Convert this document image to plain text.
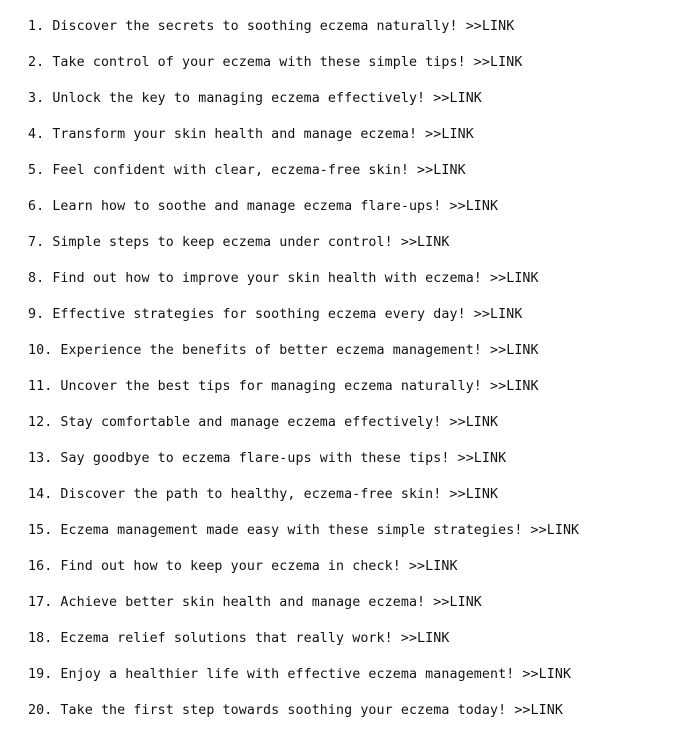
1. Discover the secrets to soothing eczema naturally! >>LINK
2. Take control of your eczema with these simple tips! >>LINK
3. Unlock the key to managing eczema effectively! >>LINK
4. Transform your skin health and manage eczema! >>LINK
5. Feel confident with clear, eczema-free skin! >>LINK
6. Learn how to soothe and manage eczema flare-ups! >>LINK
7. Simple steps to keep eczema under control! >>LINK
8. Find out how to improve your skin health with eczema! >>LINK
9. Effective strategies for soothing eczema every day! >>LINK
10. Experience the benefits of better eczema management! >>LINK
11. Uncover the best tips for managing eczema naturally! >>LINK
12. Stay comfortable and manage eczema effectively! >>LINK
13. Say goodbye to eczema flare-ups with these tips! >>LINK
14. Discover the path to healthy, eczema-free skin! >>LINK
15. Eczema management made easy with these simple strategies! >>LINK
16. Find out how to keep your eczema in check! >>LINK
17. Achieve better skin health and manage eczema! >>LINK
18. Eczema relief solutions that really work! >>LINK
19. Enjoy a healthier life with effective eczema management! >>LINK
20. Take the first step towards soothing your eczema today! >>LINK
